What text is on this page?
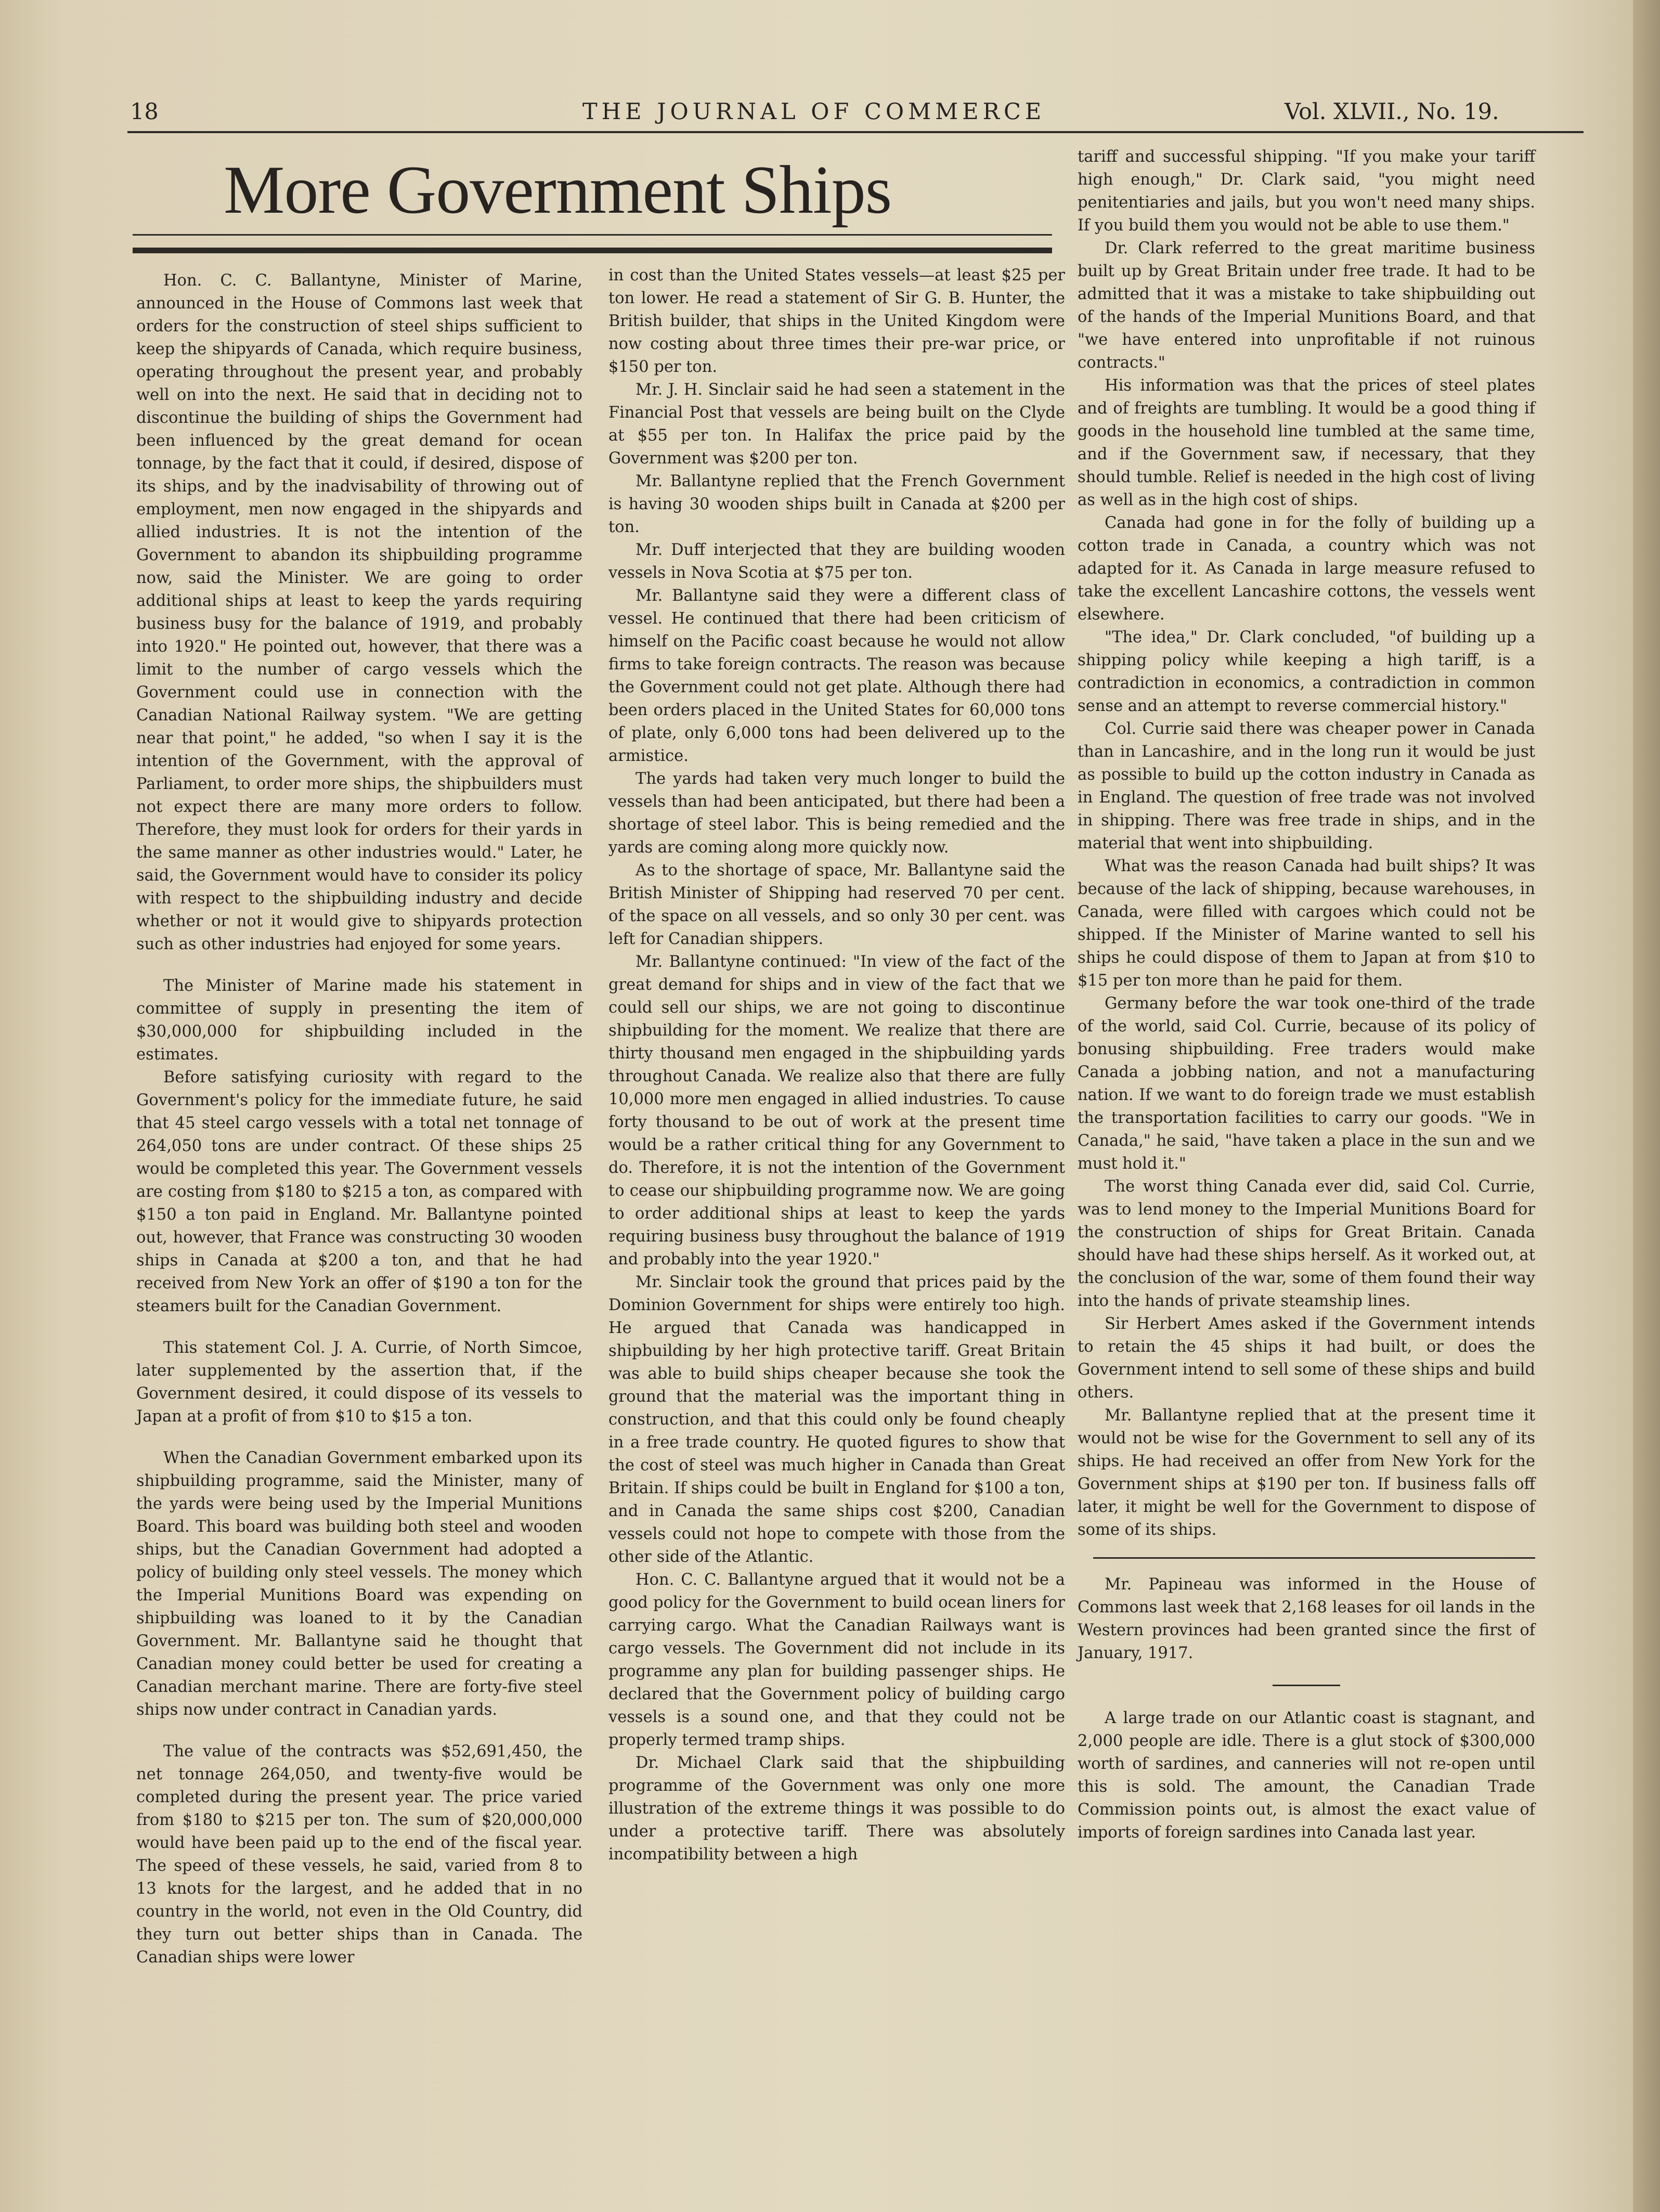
18	THE JOURNAL OF COMMERCE	Vol. XLVII., No. 19.
More Government Ships

Hon. C. C. Ballantyne, Minister of Marine, announced in the House of Commons last week that orders for the construction of steel ships sufficient to keep the shipyards of Canada, which require business, operating throughout the present year, and probably well on into the next. He said that in deciding not to discontinue the building of ships the Government had been influenced by the great demand for ocean tonnage, by the fact that it could, if desired, dispose of its ships, and by the inadvisability of throwing out of employment, men now engaged in the shipyards and allied industries. It is not the intention of the Government to abandon its shipbuilding programme now, said the Minister. We are going to order additional ships at least to keep the yards requiring business busy for the balance of 1919, and probably into 1920." He pointed out, however, that there was a limit to the number of cargo vessels which the Government could use in connection with the Canadian National Railway system. "We are getting near that point," he added, "so when I say it is the intention of the Government, with the approval of Parliament, to order more ships, the shipbuilders must not expect there are many more orders to follow. Therefore, they must look for orders for their yards in the same manner as other industries would." Later, he said, the Government would have to consider its policy with respect to the shipbuilding industry and decide whether or not it would give to shipyards protection such as other industries had enjoyed for some years.

The Minister of Marine made his statement in committee of supply in presenting the item of $30,000,000 for shipbuilding included in the estimates.

Before satisfying curiosity with regard to the Government's policy for the immediate future, he said that 45 steel cargo vessels with a total net tonnage of 264,050 tons are under contract. Of these ships 25 would be completed this year. The Government vessels are costing from $180 to $215 a ton, as compared with $150 a ton paid in England. Mr. Ballantyne pointed out, however, that France was constructing 30 wooden ships in Canada at $200 a ton, and that he had received from New York an offer of $190 a ton for the steamers built for the Canadian Government.

This statement Col. J. A. Currie, of North Simcoe, later supplemented by the assertion that, if the Government desired, it could dispose of its vessels to Japan at a profit of from $10 to $15 a ton.

When the Canadian Government embarked upon its shipbuilding programme, said the Minister, many of the yards were being used by the Imperial Munitions Board. This board was building both steel and wooden ships, but the Canadian Government had adopted a policy of building only steel vessels. The money which the Imperial Munitions Board was expending on shipbuilding was loaned to it by the Canadian Government. Mr. Ballantyne said he thought that Canadian money could better be used for creating a Canadian merchant marine. There are forty-five steel ships now under contract in Canadian yards.

The value of the contracts was $52,691,450, the net tonnage 264,050, and twenty-five would be completed during the present year. The price varied from $180 to $215 per ton. The sum of $20,000,000 would have been paid up to the end of the fiscal year. The speed of these vessels, he said, varied from 8 to 13 knots for the largest, and he added that in no country in the world, not even in the Old Country, did they turn out better ships than in Canada. The Canadian ships were lower

in cost than the United States vessels—at least $25 per ton lower. He read a statement of Sir G. B. Hunter, the British builder, that ships in the United Kingdom were now costing about three times their pre-war price, or $150 per ton.

Mr. J. H. Sinclair said he had seen a statement in the Financial Post that vessels are being built on the Clyde at $55 per ton. In Halifax the price paid by the Government was $200 per ton.

Mr. Ballantyne replied that the French Government is having 30 wooden ships built in Canada at $200 per ton.

Mr. Duff interjected that they are building wooden vessels in Nova Scotia at $75 per ton.

Mr. Ballantyne said they were a different class of vessel. He continued that there had been criticism of himself on the Pacific coast because he would not allow firms to take foreign contracts. The reason was because the Government could not get plate. Although there had been orders placed in the United States for 60,000 tons of plate, only 6,000 tons had been delivered up to the armistice.

The yards had taken very much longer to build the vessels than had been anticipated, but there had been a shortage of steel labor. This is being remedied and the yards are coming along more quickly now.

As to the shortage of space, Mr. Ballantyne said the British Minister of Shipping had reserved 70 per cent. of the space on all vessels, and so only 30 per cent. was left for Canadian shippers.

Mr. Ballantyne continued: "In view of the fact of the great demand for ships and in view of the fact that we could sell our ships, we are not going to discontinue shipbuilding for the moment. We realize that there are thirty thousand men engaged in the shipbuilding yards throughout Canada. We realize also that there are fully 10,000 more men engaged in allied industries. To cause forty thousand to be out of work at the present time would be a rather critical thing for any Government to do. Therefore, it is not the intention of the Government to cease our shipbuilding programme now. We are going to order additional ships at least to keep the yards requiring business busy throughout the balance of 1919 and probably into the year 1920."

Mr. Sinclair took the ground that prices paid by the Dominion Government for ships were entirely too high. He argued that Canada was handicapped in shipbuilding by her high protective tariff. Great Britain was able to build ships cheaper because she took the ground that the material was the important thing in construction, and that this could only be found cheaply in a free trade country. He quoted figures to show that the cost of steel was much higher in Canada than Great Britain. If ships could be built in England for $100 a ton, and in Canada the same ships cost $200, Canadian vessels could not hope to compete with those from the other side of the Atlantic.

Hon. C. C. Ballantyne argued that it would not be a good policy for the Government to build ocean liners for carrying cargo. What the Canadian Railways want is cargo vessels. The Government did not include in its programme any plan for building passenger ships. He declared that the Government policy of building cargo vessels is a sound one, and that they could not be properly termed tramp ships.

Dr. Michael Clark said that the shipbuilding programme of the Government was only one more illustration of the extreme things it was possible to do under a protective tariff. There was absolutely incompatibility between a high

tariff and successful shipping. "If you make your tariff high enough," Dr. Clark said, "you might need penitentiaries and jails, but you won't need many ships. If you build them you would not be able to use them."

Dr. Clark referred to the great maritime business built up by Great Britain under free trade. It had to be admitted that it was a mistake to take shipbuilding out of the hands of the Imperial Munitions Board, and that "we have entered into unprofitable if not ruinous contracts."

His information was that the prices of steel plates and of freights are tumbling. It would be a good thing if goods in the household line tumbled at the same time, and if the Government saw, if necessary, that they should tumble. Relief is needed in the high cost of living as well as in the high cost of ships.

Canada had gone in for the folly of building up a cotton trade in Canada, a country which was not adapted for it. As Canada in large measure refused to take the excellent Lancashire cottons, the vessels went elsewhere.

"The idea," Dr. Clark concluded, "of building up a shipping policy while keeping a high tariff, is a contradiction in economics, a contradiction in common sense and an attempt to reverse commercial history."

Col. Currie said there was cheaper power in Canada than in Lancashire, and in the long run it would be just as possible to build up the cotton industry in Canada as in England. The question of free trade was not involved in shipping. There was free trade in ships, and in the material that went into shipbuilding.

What was the reason Canada had built ships? It was because of the lack of shipping, because warehouses, in Canada, were filled with cargoes which could not be shipped. If the Minister of Marine wanted to sell his ships he could dispose of them to Japan at from $10 to $15 per ton more than he paid for them.

Germany before the war took one-third of the trade of the world, said Col. Currie, because of its policy of bonusing shipbuilding. Free traders would make Canada a jobbing nation, and not a manufacturing nation. If we want to do foreign trade we must establish the transportation facilities to carry our goods. "We in Canada," he said, "have taken a place in the sun and we must hold it."

The worst thing Canada ever did, said Col. Currie, was to lend money to the Imperial Munitions Board for the construction of ships for Great Britain. Canada should have had these ships herself. As it worked out, at the conclusion of the war, some of them found their way into the hands of private steamship lines.

Sir Herbert Ames asked if the Government intends to retain the 45 ships it had built, or does the Government intend to sell some of these ships and build others.

Mr. Ballantyne replied that at the present time it would not be wise for the Government to sell any of its ships. He had received an offer from New York for the Government ships at $190 per ton. If business falls off later, it might be well for the Government to dispose of some of its ships.

Mr. Papineau was informed in the House of Commons last week that 2,168 leases for oil lands in the Western provinces had been granted since the first of January, 1917.

A large trade on our Atlantic coast is stagnant, and 2,000 people are idle. There is a glut stock of $300,000 worth of sardines, and canneries will not re-open until this is sold. The amount, the Canadian Trade Commission points out, is almost the exact value of imports of foreign sardines into Canada last year.
